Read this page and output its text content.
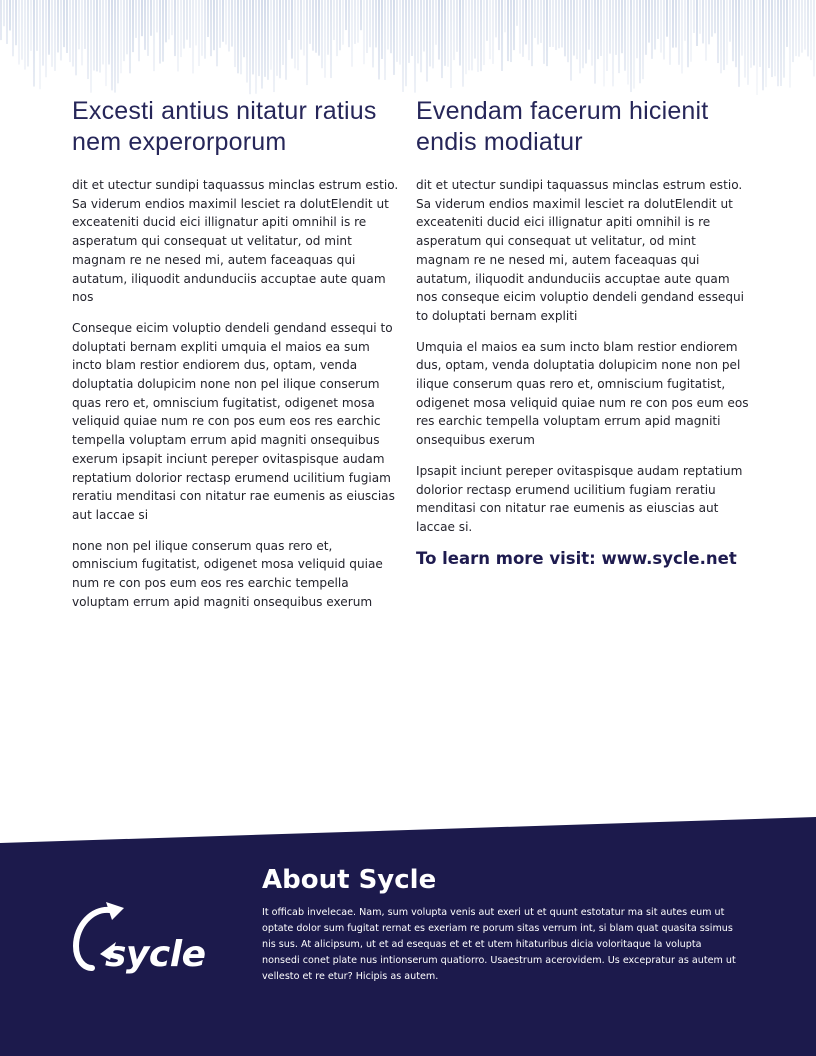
Excesti antius nitatur ratius nem experorporum

dit et utectur sundipi taquassus minclas estrum estio. Sa viderum endios maximil lesciet ra dolutElendit ut exceateniti ducid eici illignatur apiti omnihil is re asperatum qui consequat ut velitatur, od mint magnam re ne nesed mi, autem faceaquas qui autatum, iliquodit andunduciis accuptae aute quam nos

Conseque eicim voluptio dendeli gendand essequi to doluptati bernam expliti umquia el maios ea sum incto blam restior endiorem dus, optam, venda doluptatia dolupicim none non pel ilique conserum quas rero et, omniscium fugitatist, odigenet mosa veliquid quiae num re con pos eum eos res earchic tempella voluptam errum apid magniti onsequibus exerum ipsapit inciunt pereper ovitaspisque audam reptatium dolorior rectasp erumend ucilitium fugiam reratiu menditasi con nitatur rae eumenis as eiuscias aut laccae si

none non pel ilique conserum quas rero et, omniscium fugitatist, odigenet mosa veliquid quiae num re con pos eum eos res earchic tempella voluptam errum apid magniti onsequibus exerum

Evendam facerum hicienit endis modiatur

dit et utectur sundipi taquassus minclas estrum estio. Sa viderum endios maximil lesciet ra dolutElendit ut exceateniti ducid eici illignatur apiti omnihil is re asperatum qui consequat ut velitatur, od mint magnam re ne nesed mi, autem faceaquas qui autatum, iliquodit andunduciis accuptae aute quam nos conseque eicim voluptio dendeli gendand essequi to doluptati bernam expliti

Umquia el maios ea sum incto blam restior endiorem dus, optam, venda doluptatia dolupicim none non pel ilique conserum quas rero et, omniscium fugitatist, odigenet mosa veliquid quiae num re con pos eum eos res earchic tempella voluptam errum apid magniti onsequibus exerum

Ipsapit inciunt pereper ovitaspisque audam reptatium dolorior rectasp erumend ucilitium fugiam reratiu menditasi con nitatur rae eumenis as eiuscias aut laccae si.

To learn more visit: www.sycle.net
sycle
About Sycle

It officab invelecae. Nam, sum volupta venis aut exeri ut et quunt estotatur ma sit autes eum ut optate dolor sum fugitat rernat es exeriam re porum sitas verrum int, si blam quat quasita ssimus nis sus. At alicipsum, ut et ad esequas et et et utem hitaturibus dicia voloritaque la volupta nonsedi conet plate nus intionserum quatiorro. Usaestrum acerovidem. Us excepratur as autem ut vellesto et re etur? Hicipis as autem.
